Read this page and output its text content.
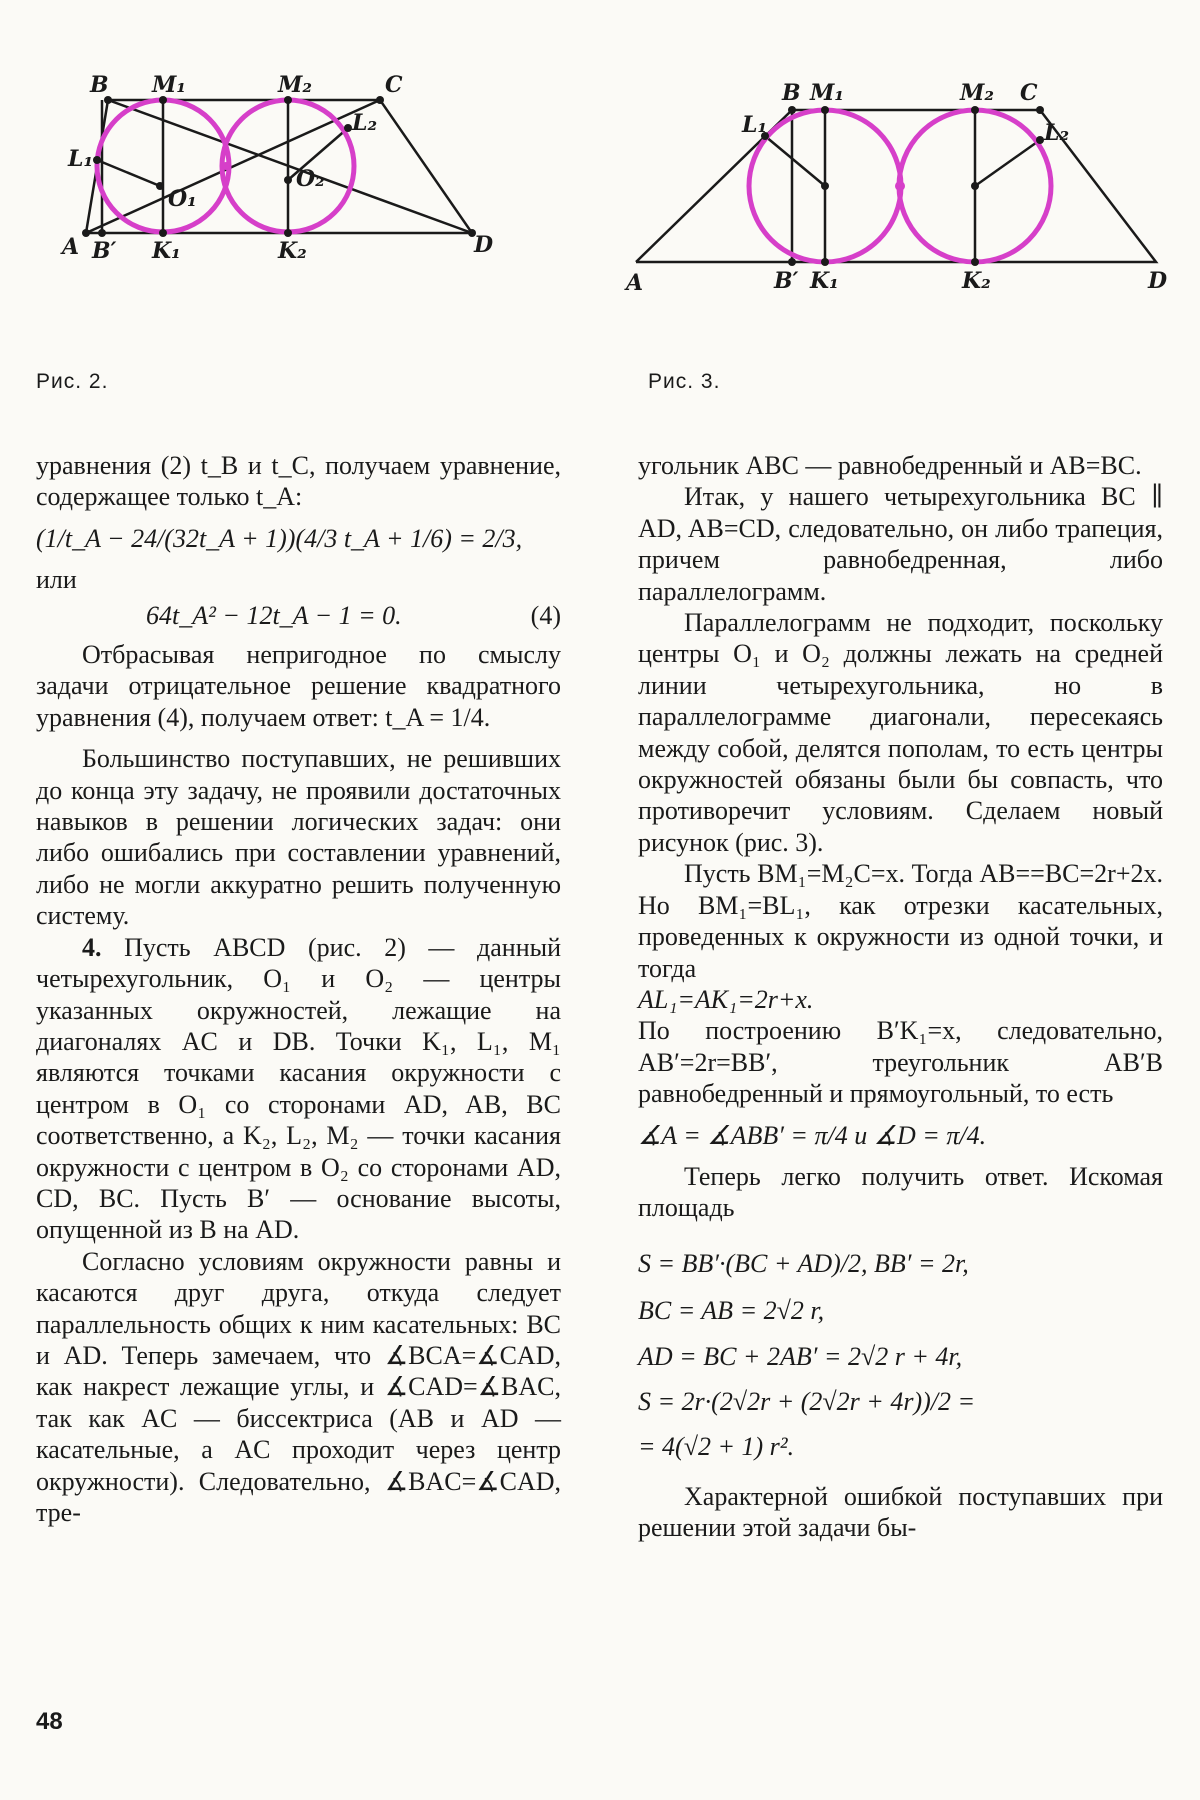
B M₁	M₂	C
L₂
L₁
O₁
O₂
A B′ K₁	K₂	D
Рис. 2.
B M₁	M₂ C
L₁	L₂
A	B′ K₁	K₂	D
Рис. 3.

уравнения (2) t_B и t_C, получаем уравнение, содержащее только t_A:

(1/t_A − 24/(32t_A + 1))(4/3 t_A + 1/6) = 2/3,

или

64t_A² − 12t_A − 1 = 0.	(4)

Отбрасывая непригодное по смыслу задачи отрицательное решение квадратного уравнения (4), получаем ответ: t_A = 1/4.

Большинство поступавших, не решивших до конца эту задачу, не проявили достаточных навыков в решении логических задач: они либо ошибались при составлении уравнений, либо не могли аккуратно решить полученную систему.

4. Пусть ABCD (рис. 2) — данный четырехугольник, O₁ и O₂ — центры указанных окружностей, лежащие на диагоналях AC и DB. Точки K₁, L₁, M₁ являются точками касания окружности с центром в O₁ со сторонами AD, AB, BC соответственно, а K₂, L₂, M₂ — точки касания окружности с центром в O₂ со сторонами AD, CD, BC. Пусть B′ — основание высоты, опущенной из B на AD.

Согласно условиям окружности равны и касаются друг друга, откуда следует параллельность общих к ним касательных: BC и AD. Теперь замечаем, что ∡BCA=∡CAD, как накрест лежащие углы, и ∡CAD=∡BAC, так как AC — биссектриса (AB и AD — касательные, а AC проходит через центр окружности). Следовательно, ∡BAC=∡CAD, тре-

угольник ABC — равнобедренный и AB=BC.

Итак, у нашего четырехугольника BC ∥ AD, AB=CD, следовательно, он либо трапеция, причем равнобедренная, либо параллелограмм.

Параллелограмм не подходит, поскольку центры O₁ и O₂ должны лежать на средней линии четырехугольника, но в параллелограмме диагонали, пересекаясь между собой, делятся пополам, то есть центры окружностей обязаны были бы совпасть, что противоречит условиям. Сделаем новый рисунок (рис. 3).

Пусть BM₁=M₂C=x. Тогда AB==BC=2r+2x. Но BM₁=BL₁, как отрезки касательных, проведенных к окружности из одной точки, и тогда

AL₁=AK₁=2r+x.

По построению B′K₁=x, следовательно, AB′=2r=BB′, треугольник AB′B равнобедренный и прямоугольный, то есть

∡A = ∡ABB′ = π/4 и ∡D = π/4.

Теперь легко получить ответ. Искомая площадь

S = BB′·(BC + AD)/2, BB′ = 2r,

BC = AB = 2√2 r,

AD = BC + 2AB′ = 2√2 r + 4r,

S = 2r·(2√2r + (2√2r + 4r))/2 =

= 4(√2 + 1) r².

Характерной ошибкой поступавших при решении этой задачи бы-

48
